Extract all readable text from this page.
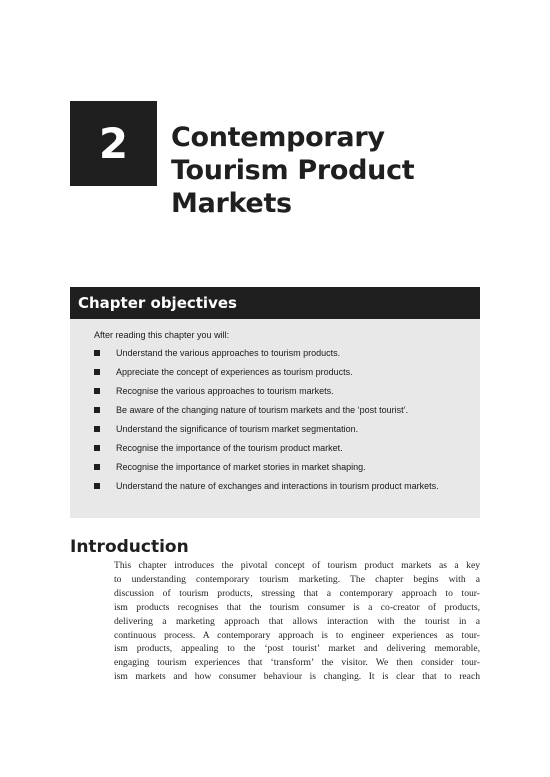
2 Contemporary
Tourism Product
Markets
Chapter objectives

After reading this chapter you will:

Understand the various approaches to tourism products.
Appreciate the concept of experiences as tourism products.
Recognise the various approaches to tourism markets.
Be aware of the changing nature of tourism markets and the ‘post tourist’.
Understand the significance of tourism market segmentation.
Recognise the importance of the tourism product market.
Recognise the importance of market stories in market shaping.
Understand the nature of exchanges and interactions in tourism product markets.
Introduction

This chapter introduces the pivotal concept of tourism product markets as a key
to understanding contemporary tourism marketing. The chapter begins with a
discussion of tourism products, stressing that a contemporary approach to tour-
ism products recognises that the tourism consumer is a co-creator of products,
delivering a marketing approach that allows interaction with the tourist in a
continuous process. A contemporary approach is to engineer experiences as tour-
ism products, appealing to the ‘post tourist’ market and delivering memorable,
engaging tourism experiences that ‘transform’ the visitor. We then consider tour-
ism markets and how consumer behaviour is changing. It is clear that to reach
